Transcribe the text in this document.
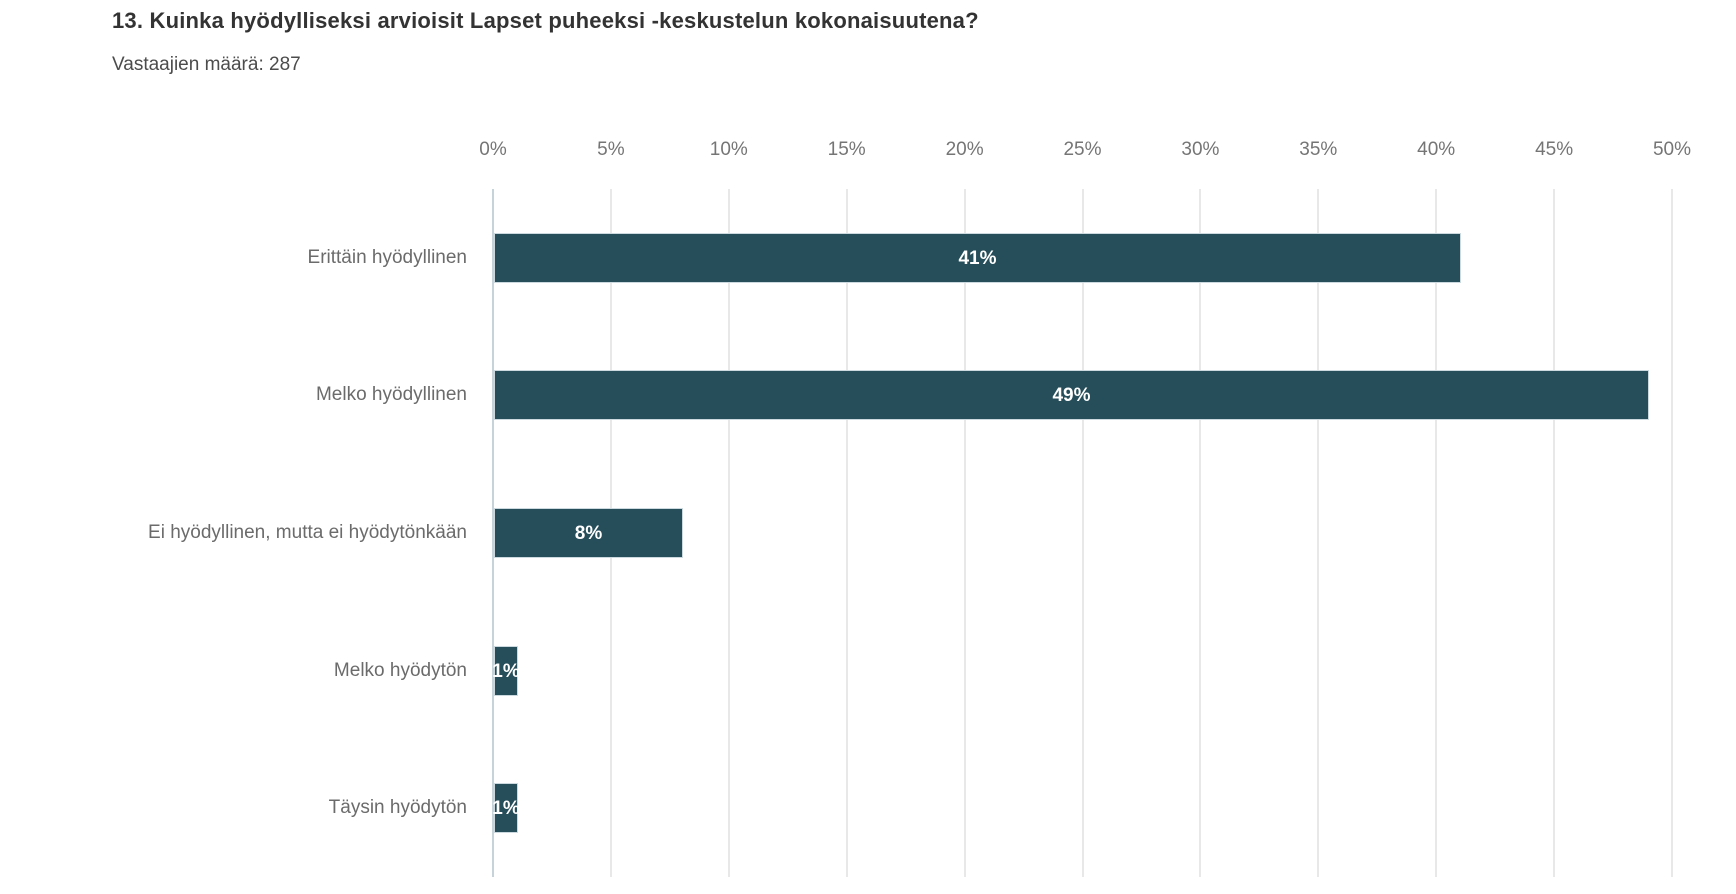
13. Kuinka hyödylliseksi arvioisit Lapset puheeksi -keskustelun kokonaisuutena?
Vastaajien määrä: 287
0%	5%	10%	15%	20%	25%	30%	35%	40%	45%	50%
41%
49%
8%
1%
1%
Erittäin hyödyllinen
Melko hyödyllinen
Ei hyödyllinen, mutta ei hyödytönkään
Melko hyödytön
Täysin hyödytön
